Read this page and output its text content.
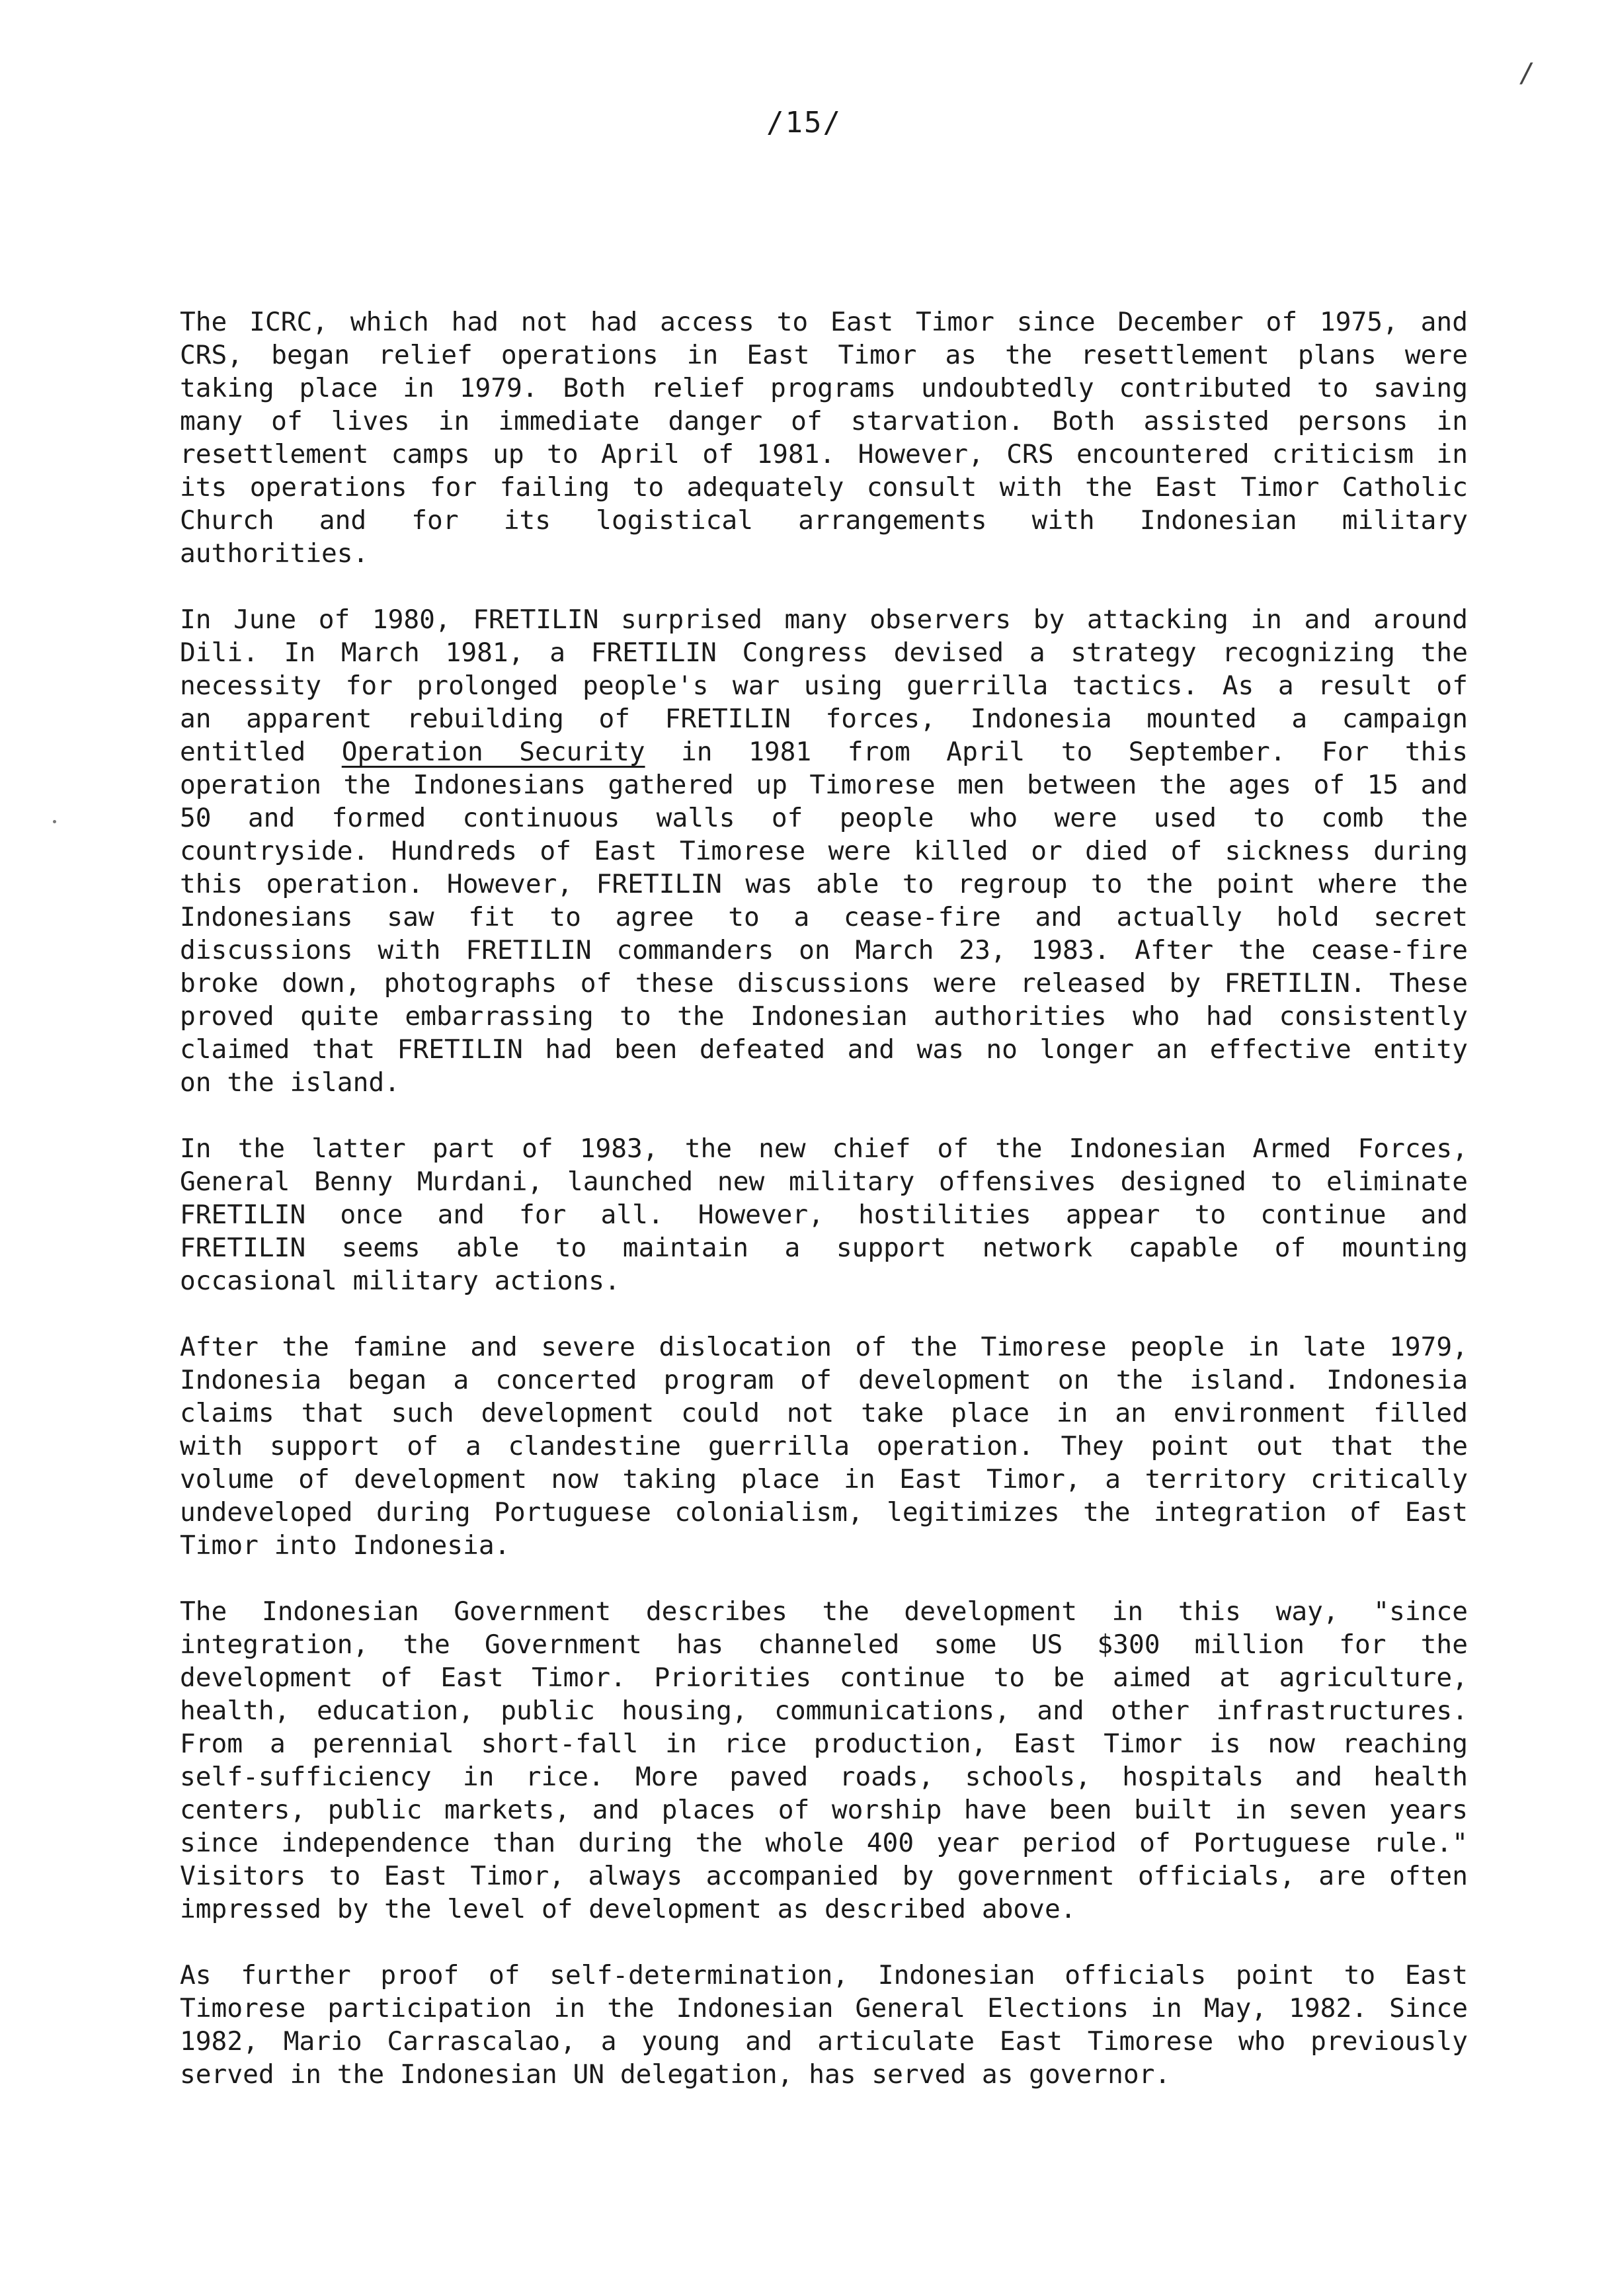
/
/15/
The ICRC, which had not had access to East Timor since December of 1975, and
CRS, began relief operations in East Timor as the resettlement plans were
taking place in 1979. Both relief programs undoubtedly contributed to saving
many of lives in immediate danger of starvation. Both assisted persons in
resettlement camps up to April of 1981. However, CRS encountered criticism in
its operations for failing to adequately consult with the East Timor Catholic
Church and for its logistical arrangements with Indonesian military
authorities.
In June of 1980, FRETILIN surprised many observers by attacking in and around
Dili. In March 1981, a FRETILIN Congress devised a strategy recognizing the
necessity for prolonged people's war using guerrilla tactics. As a result of
an apparent rebuilding of FRETILIN forces, Indonesia mounted a campaign
entitled Operation Security in 1981 from April to September. For this
operation the Indonesians gathered up Timorese men between the ages of 15 and
50 and formed continuous walls of people who were used to comb the
countryside. Hundreds of East Timorese were killed or died of sickness during
this operation. However, FRETILIN was able to regroup to the point where the
Indonesians saw fit to agree to a cease-fire and actually hold secret
discussions with FRETILIN commanders on March 23, 1983. After the cease-fire
broke down, photographs of these discussions were released by FRETILIN. These
proved quite embarrassing to the Indonesian authorities who had consistently
claimed that FRETILIN had been defeated and was no longer an effective entity
on the island.
In the latter part of 1983, the new chief of the Indonesian Armed Forces,
General Benny Murdani, launched new military offensives designed to eliminate
FRETILIN once and for all. However, hostilities appear to continue and
FRETILIN seems able to maintain a support network capable of mounting
occasional military actions.
After the famine and severe dislocation of the Timorese people in late 1979,
Indonesia began a concerted program of development on the island. Indonesia
claims that such development could not take place in an environment filled
with support of a clandestine guerrilla operation. They point out that the
volume of development now taking place in East Timor, a territory critically
undeveloped during Portuguese colonialism, legitimizes the integration of East
Timor into Indonesia.
The Indonesian Government describes the development in this way, "since
integration, the Government has channeled some US $300 million for the
development of East Timor. Priorities continue to be aimed at agriculture,
health, education, public housing, communications, and other infrastructures.
From a perennial short-fall in rice production, East Timor is now reaching
self-sufficiency in rice. More paved roads, schools, hospitals and health
centers, public markets, and places of worship have been built in seven years
since independence than during the whole 400 year period of Portuguese rule."
Visitors to East Timor, always accompanied by government officials, are often
impressed by the level of development as described above.
As further proof of self-determination, Indonesian officials point to East
Timorese participation in the Indonesian General Elections in May, 1982. Since
1982, Mario Carrascalao, a young and articulate East Timorese who previously
served in the Indonesian UN delegation, has served as governor.
